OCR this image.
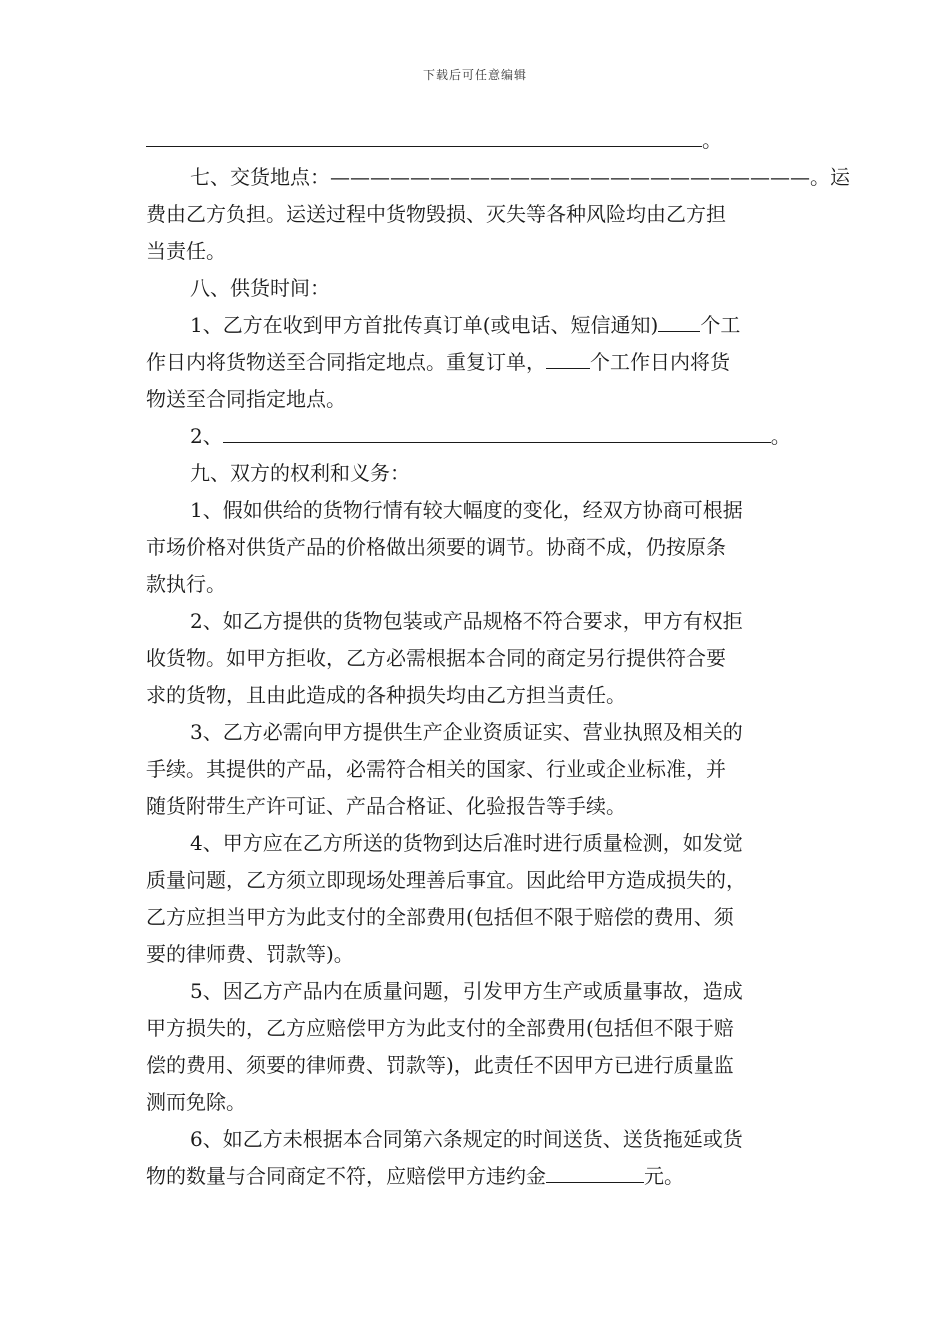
下载后可任意编辑
。
七、交货地点：————————————————————————。运
费由乙方负担。运送过程中货物毁损、灭失等各种风险均由乙方担
当责任。
八、供货时间：
1、乙方在收到甲方首批传真订单(或电话、短信通知) 个工
作日内将货物送至合同指定地点。重复订单， 个工作日内将货
物送至合同指定地点。
2、	。
九、双方的权利和义务：
1、假如供给的货物行情有较大幅度的变化，经双方协商可根据
市场价格对供货产品的价格做出须要的调节。协商不成，仍按原条
款执行。
2、如乙方提供的货物包装或产品规格不符合要求，甲方有权拒
收货物。如甲方拒收，乙方必需根据本合同的商定另行提供符合要
求的货物，且由此造成的各种损失均由乙方担当责任。
3、乙方必需向甲方提供生产企业资质证实、营业执照及相关的
手续。其提供的产品，必需符合相关的国家、行业或企业标准，并
随货附带生产许可证、产品合格证、化验报告等手续。
4、甲方应在乙方所送的货物到达后准时进行质量检测，如发觉
质量问题，乙方须立即现场处理善后事宜。因此给甲方造成损失的，
乙方应担当甲方为此支付的全部费用(包括但不限于赔偿的费用、须
要的律师费、罚款等)。
5、因乙方产品内在质量问题，引发甲方生产或质量事故，造成
甲方损失的，乙方应赔偿甲方为此支付的全部费用(包括但不限于赔
偿的费用、须要的律师费、罚款等)，此责任不因甲方已进行质量监
测而免除。
6、如乙方未根据本合同第六条规定的时间送货、送货拖延或货
物的数量与合同商定不符，应赔偿甲方违约金	元。
